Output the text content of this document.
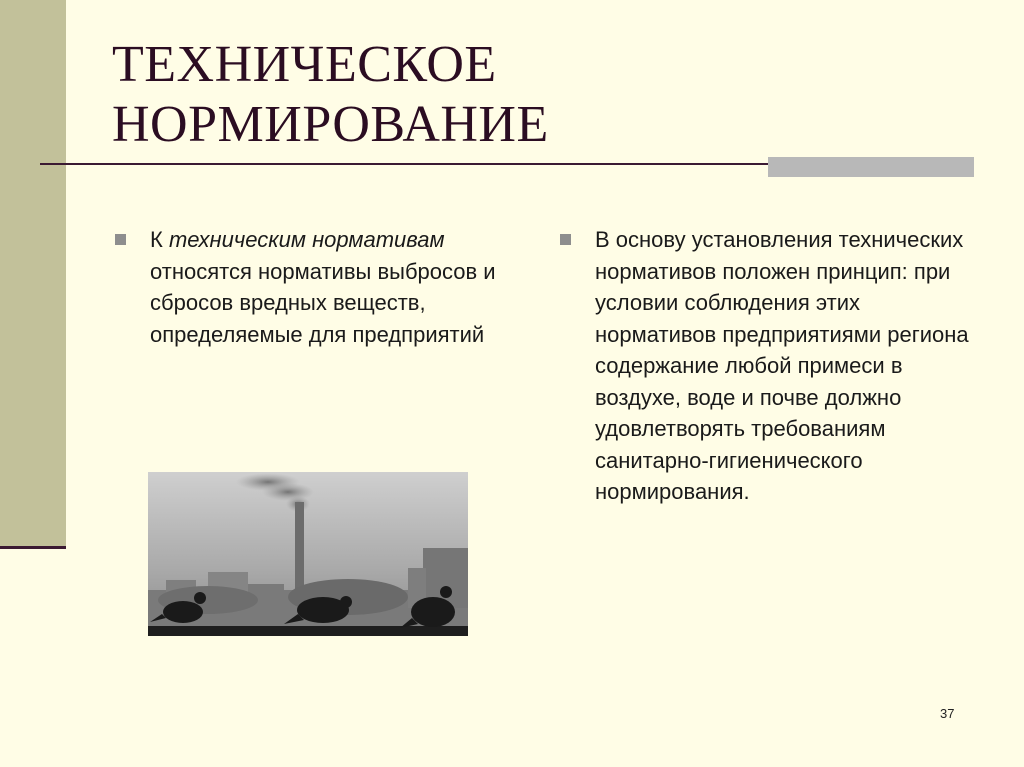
ТЕХНИЧЕСКОЕ
НОРМИРОВАНИЕ
К техническим нормативам относятся нормативы выбросов и сбросов вредных веществ, определяемые для предприятий
В основу установления технических нормативов положен принцип: при условии соблюдения этих нормативов предприятиями региона содержание любой примеси в воздухе, воде и почве должно удовлетворять требованиям санитарно-гигиенического нормирования.
37
